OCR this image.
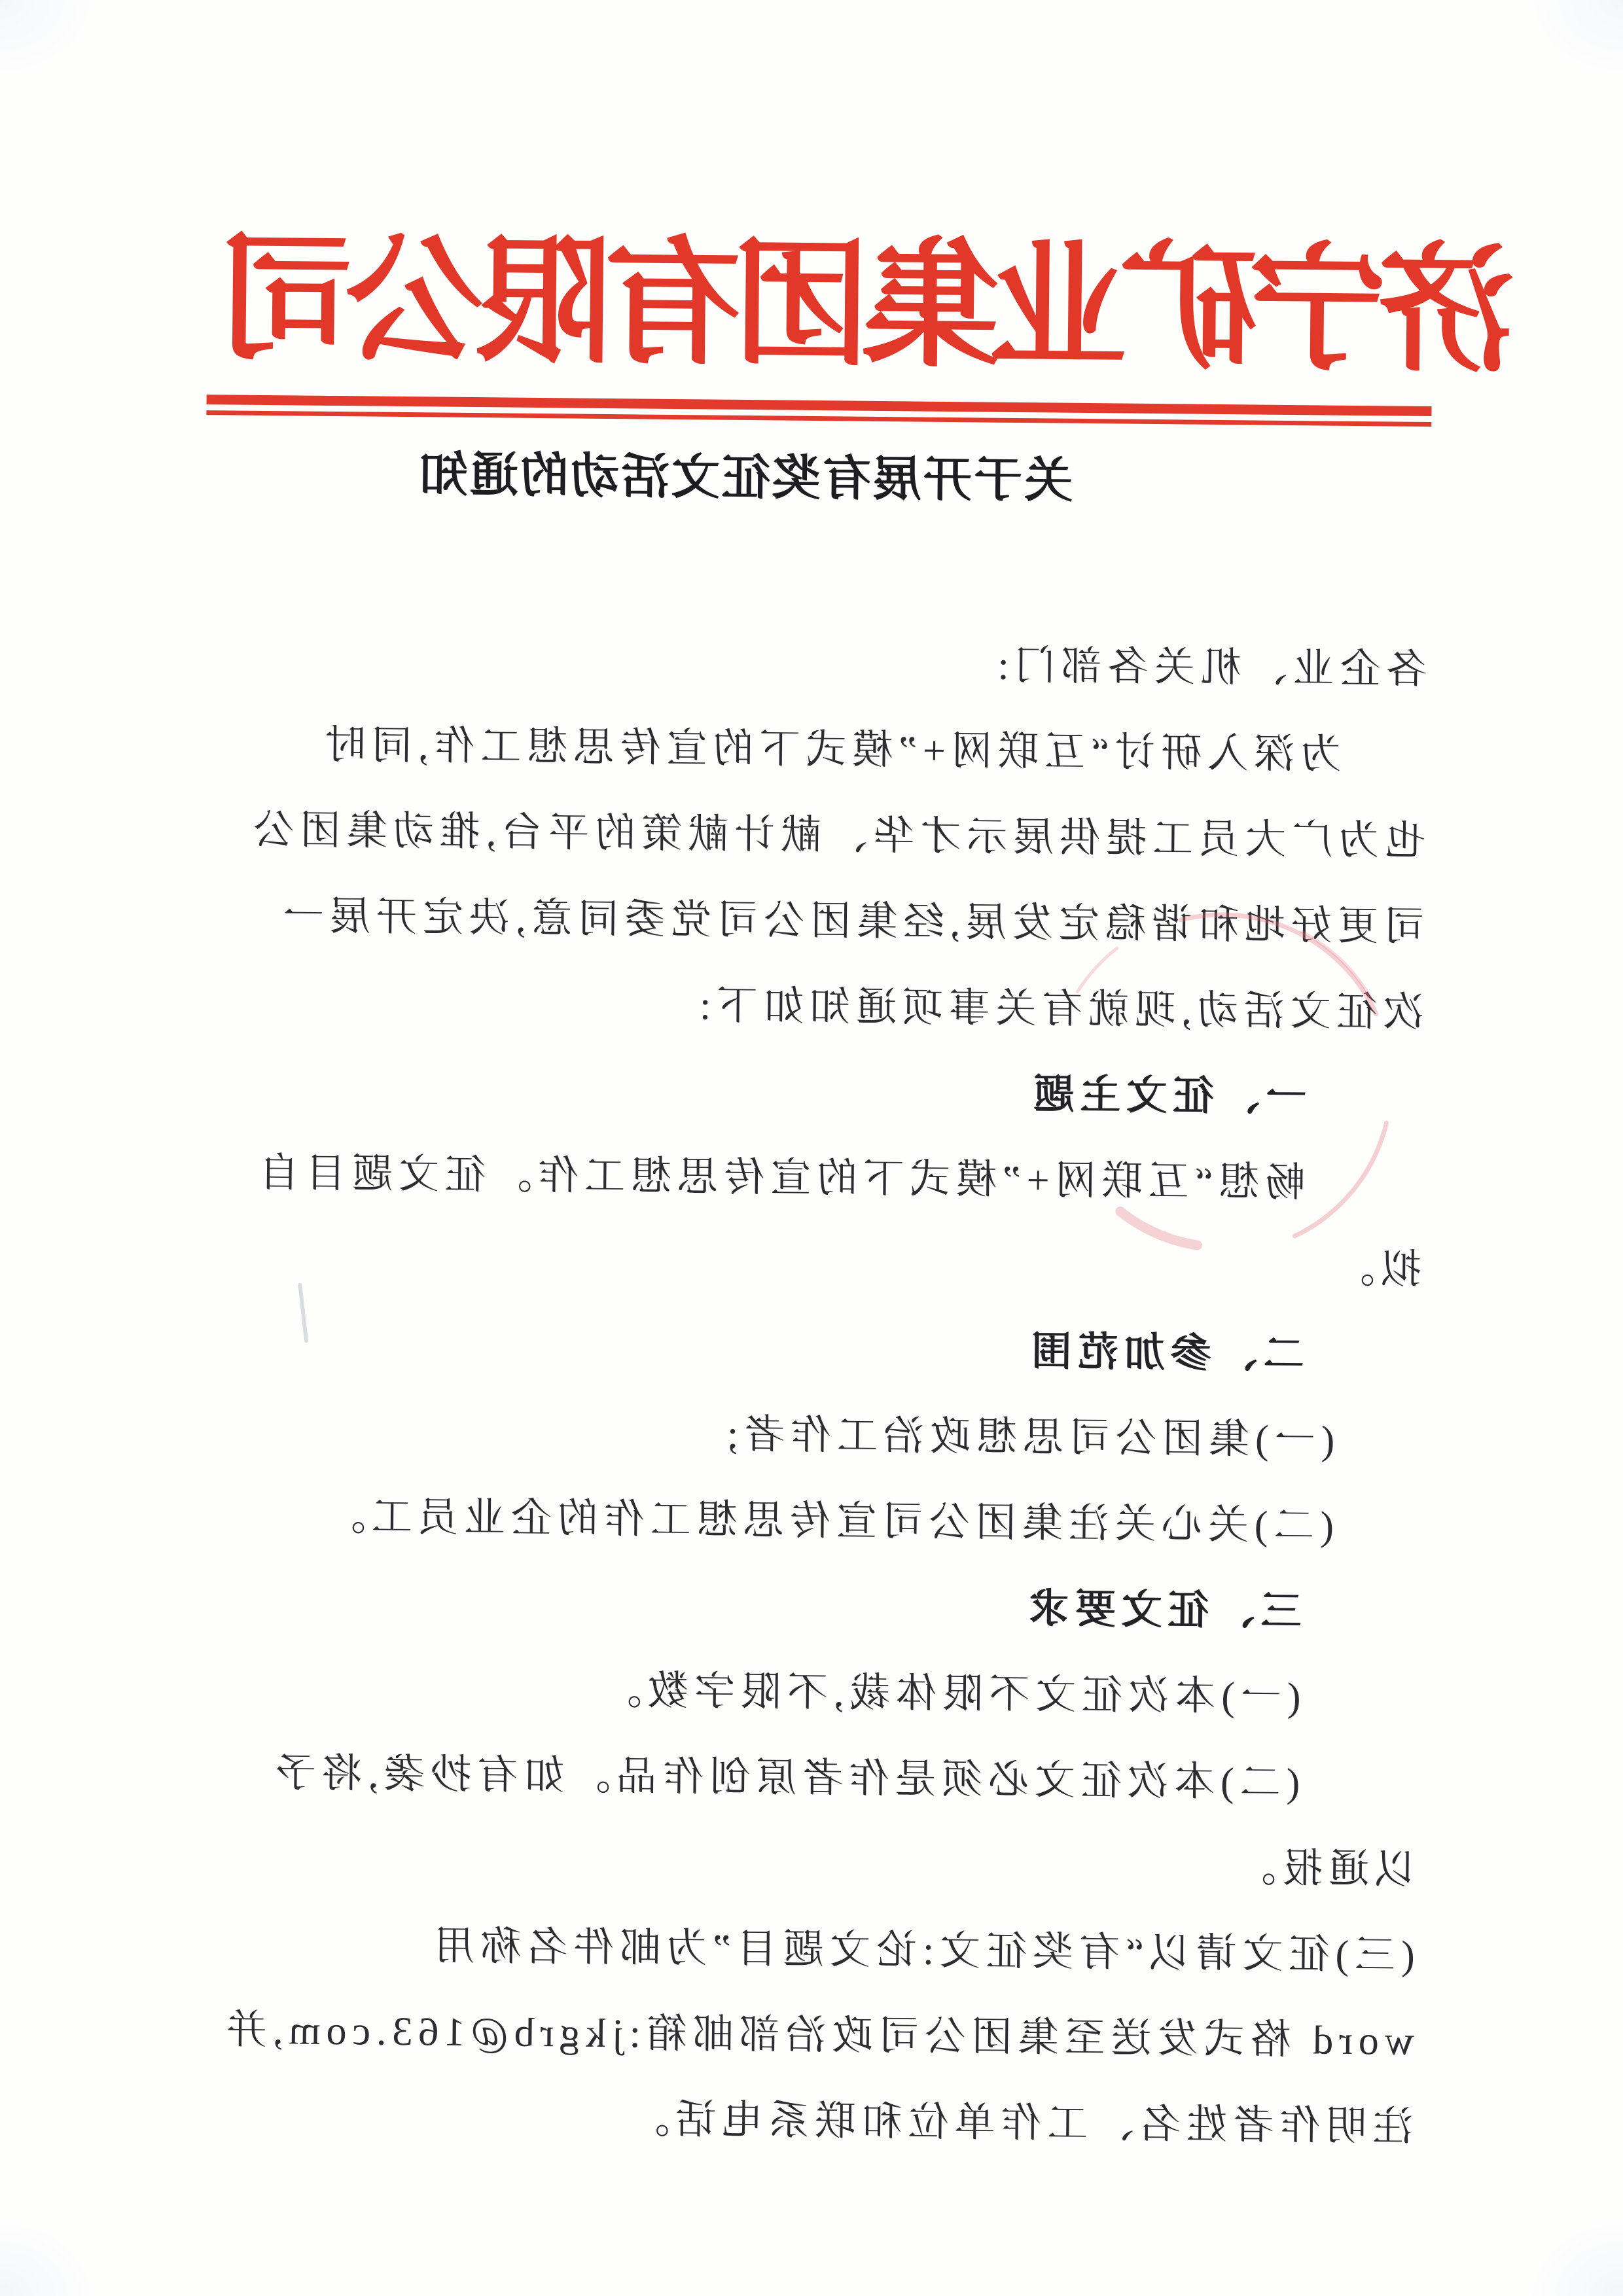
济宁矿业集团有限公司
关于开展有奖征文活动的通知
各企业、机关各部门:
为深入研讨“互联网+”模式下的宣传思想工作,同时
也为广大员工提供展示才华、献计献策的平台,推动集团公
司更好地和谐稳定发展,经集团公司党委同意,决定开展一
次征文活动,现就有关事项通知如下:
一、征文主题
畅想“互联网+”模式下的宣传思想工作。征文题目自
拟。
二、参加范围
(一)集团公司思想政治工作者;
(二)关心关注集团公司宣传思想工作的企业员工。
三、征文要求
(一)本次征文不限体裁,不限字数。
(二)本次征文必须是作者原创作品。如有抄袭,将予
以通报。
(三)征文请以“有奖征文:论文题目”为邮件名称用
word 格式发送至集团公司政治部邮箱:jkgrb@163.com,并
注明作者姓名、工作单位和联系电话。
